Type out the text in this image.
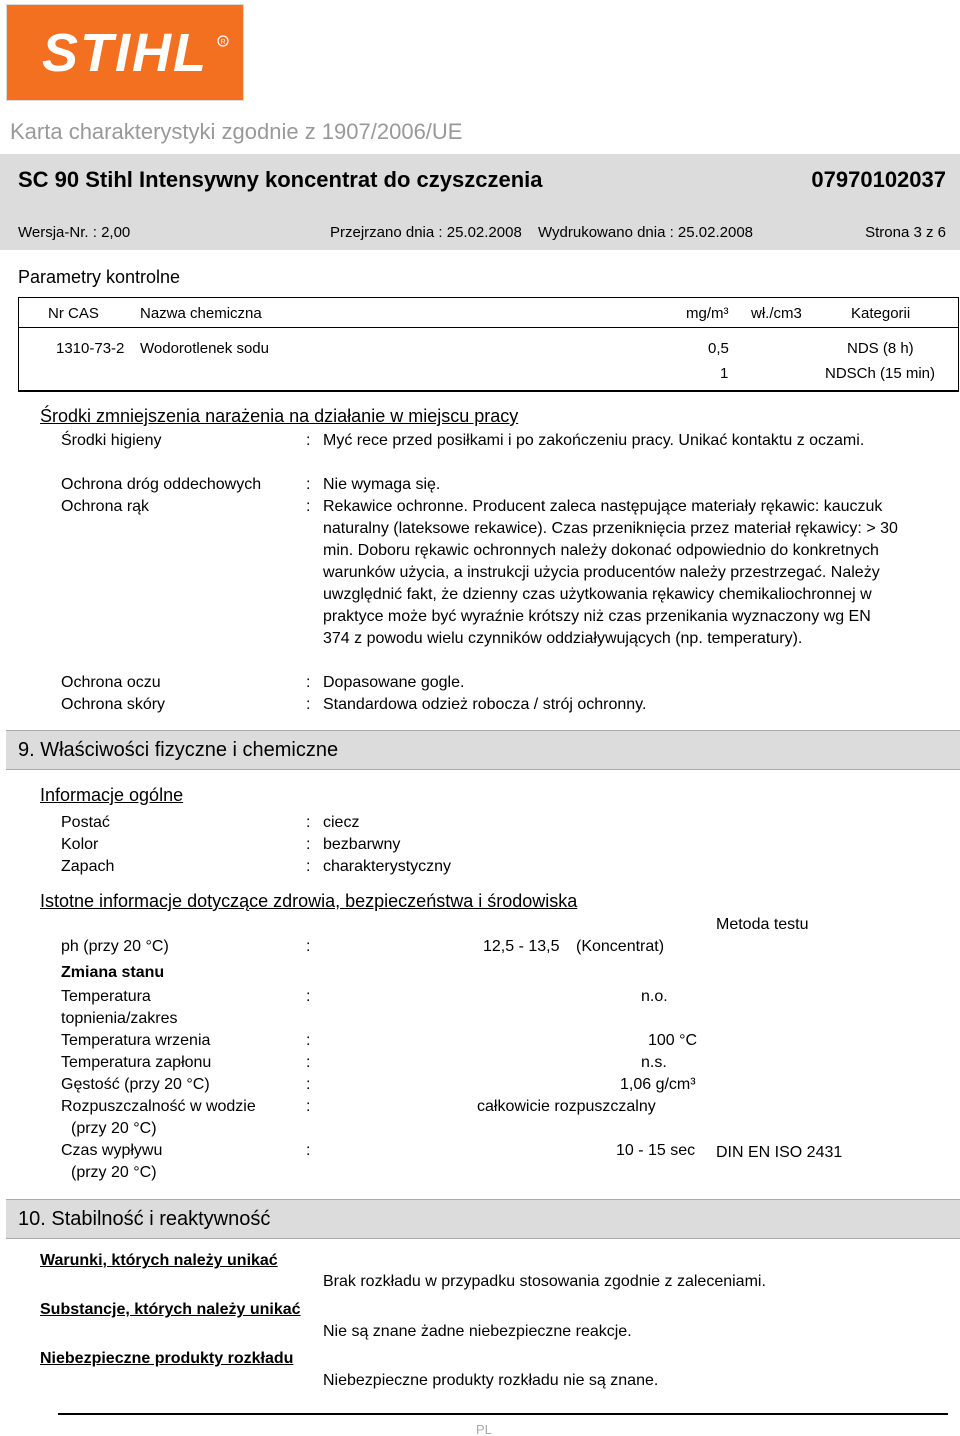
STIHL R
Karta charakterystyki zgodnie z 1907/2006/UE
SC 90 Stihl Intensywny koncentrat do czyszczenia	07970102037
Wersja-Nr. : 2,00	Przejrzano dnia : 25.02.2008 Wydrukowano dnia : 25.02.2008	Strona 3 z 6
Parametry kontrolne
Nr CAS	Nazwa chemiczna	mg/m³ wł./cm3	Kategorii
1310-73-2 Wodorotlenek sodu	0,5	NDS (8 h)
1	NDSCh (15 min)
Środki zmniejszenia narażenia na działanie w miejscu pracy
Środki higieny	: Myć rece przed posiłkami i po zakończeniu pracy. Unikać kontaktu z oczami.
Ochrona dróg oddechowych	: Nie wymaga się.
Ochrona rąk	: Rekawice ochronne. Producent zaleca następujące materiały rękawic: kauczuk naturalny (lateksowe rekawice). Czas przeniknięcia przez materiał rękawicy: > 30 min. Doboru rękawic ochronnych należy dokonać odpowiednio do konkretnych warunków użycia, a instrukcji użycia producentów należy przestrzegać. Należy uwzględnić fakt, że dzienny czas użytkowania rękawicy chemikaliochronnej w praktyce może być wyraźnie krótszy niż czas przenikania wyznaczony wg EN 374 z powodu wielu czynników oddziaływujących (np. temperatury).
Ochrona oczu	: Dopasowane gogle.
Ochrona skóry	: Standardowa odzież robocza / strój ochronny.
9. Właściwości fizyczne i chemiczne
Informacje ogólne
Postać	: ciecz
Kolor	: bezbarwny
Zapach	: charakterystyczny
Istotne informacje dotyczące zdrowia, bezpieczeństwa i środowiska
Metoda testu
ph (przy 20 °C)	:	12,5 - 13,5 (Koncentrat)
Zmiana stanu
Temperatura
topnienia/zakres
:	n.o.
Temperatura wrzenia	:	100 °C
Temperatura zapłonu	:	n.s.
Gęstość (przy 20 °C)	:	1,06 g/cm³
Rozpuszczalność w wodzie
(przy 20 °C)
:	całkowicie rozpuszczalny
Czas wypływu
(przy 20 °C)
:	10 - 15 sec DIN EN ISO 2431
10. Stabilność i reaktywność
Warunki, których należy unikać
Brak rozkładu w przypadku stosowania zgodnie z zaleceniami.
Substancje, których należy unikać
Nie są znane żadne niebezpieczne reakcje.
Niebezpieczne produkty rozkładu
Niebezpieczne produkty rozkładu nie są znane.
PL
